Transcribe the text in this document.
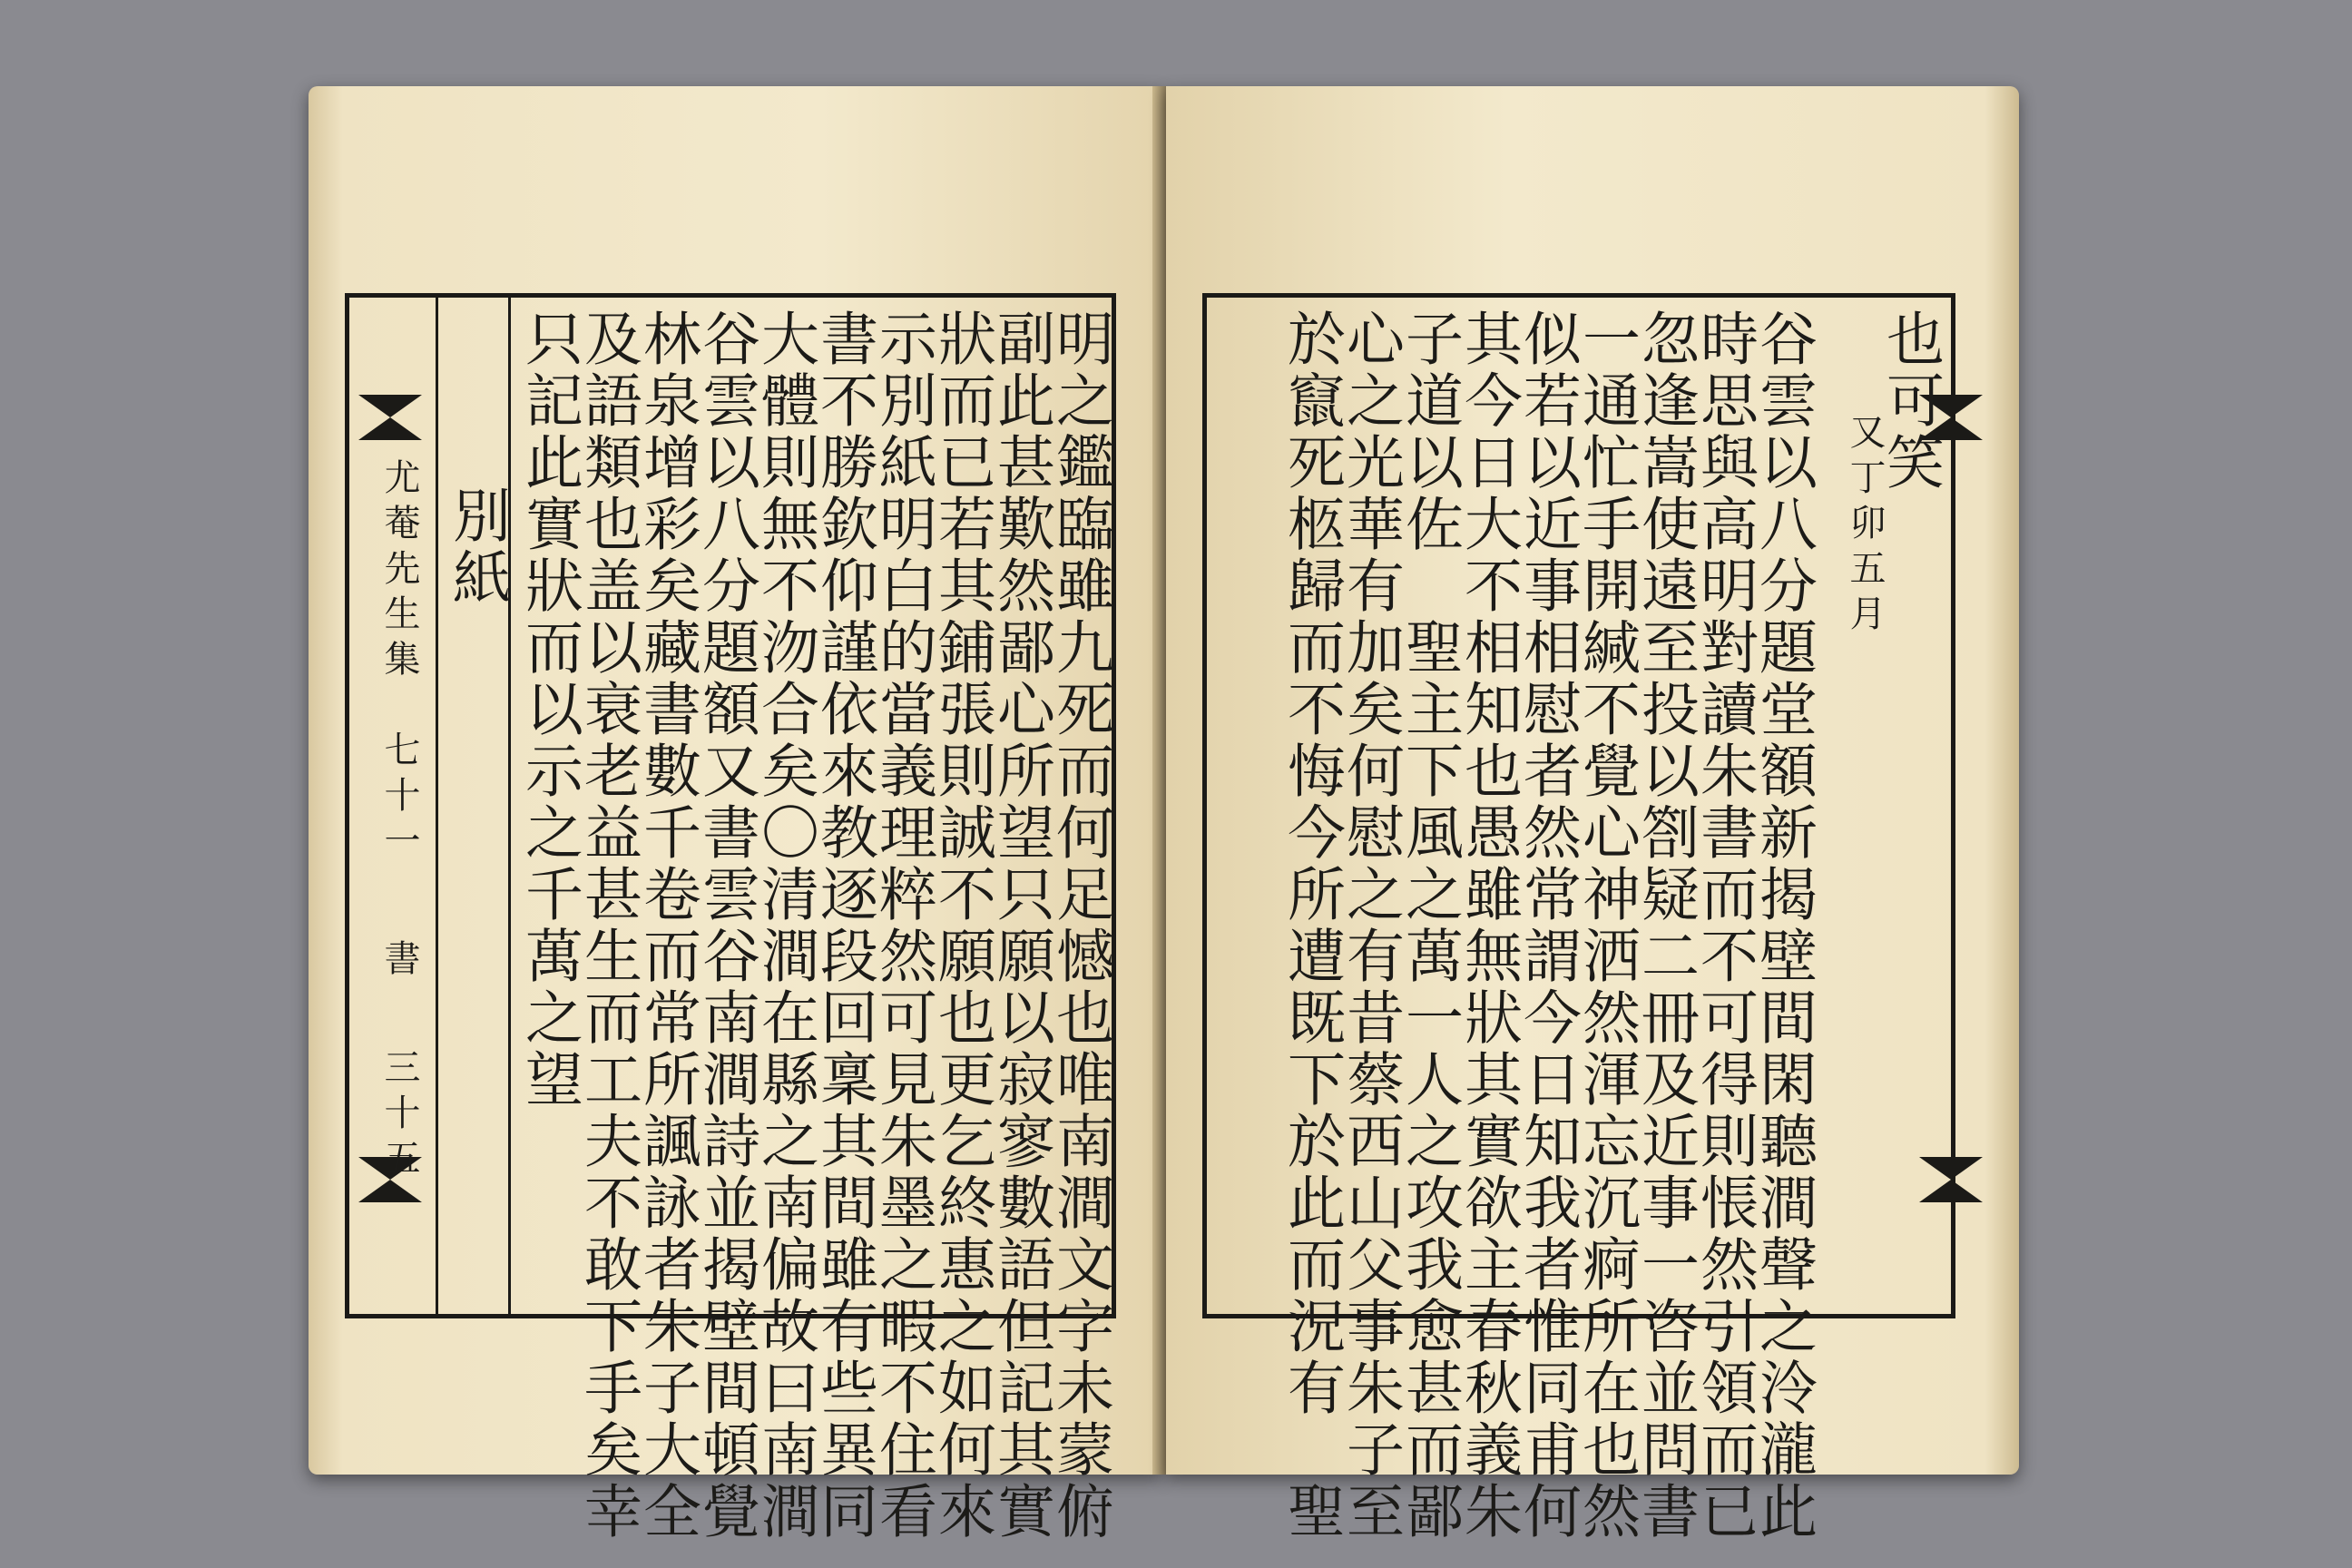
尤菴先生集
七十一
書
三十五
別紙 只記此實狀而以示之千萬之望
及語類也盖以衰老益甚生而工夫不敢下手矣幸
林泉增彩矣藏書數千卷而常所諷詠者朱子大全
谷雲以八分題額又書雲谷南澗詩並揭壁間頓覺
大體則無不沕合矣〇清澗在縣之南偏故曰南澗
書不勝欽仰謹依來教逐段回稟其間雖有些異同
示別紙明白的當義理粹然可見朱墨之暇不住看
狀而已若其鋪張則誠不願也更乞終惠之如何來
副此甚歎然鄙心所望只願以寂寥數語但記其實
明之鑑臨雖九死而何足憾也唯南澗文字未蒙俯	也可笑
又丁卯五月
谷雲以八分題堂額新揭壁間閑聽澗聲之泠瀧此
時思與高明對讀朱書而不可得則悵然引領而已
忽逢嵩使遠至投以劄疑二冊及近事一咨並問書
一通忙手開緘不覺心神洒然渾忘沉痾所在也然
似若以近事相慰者然常謂今日知我者惟同甫何
其今日大不相知也愚雖無狀其實欲主春秋義朱
子道以佐　聖主下風之萬一人之攻我愈甚而鄙
心之光華有加矣何慰之有昔蔡西山父事朱子至
於竄死柩歸而不悔今所遭既下於此而況有　聖
